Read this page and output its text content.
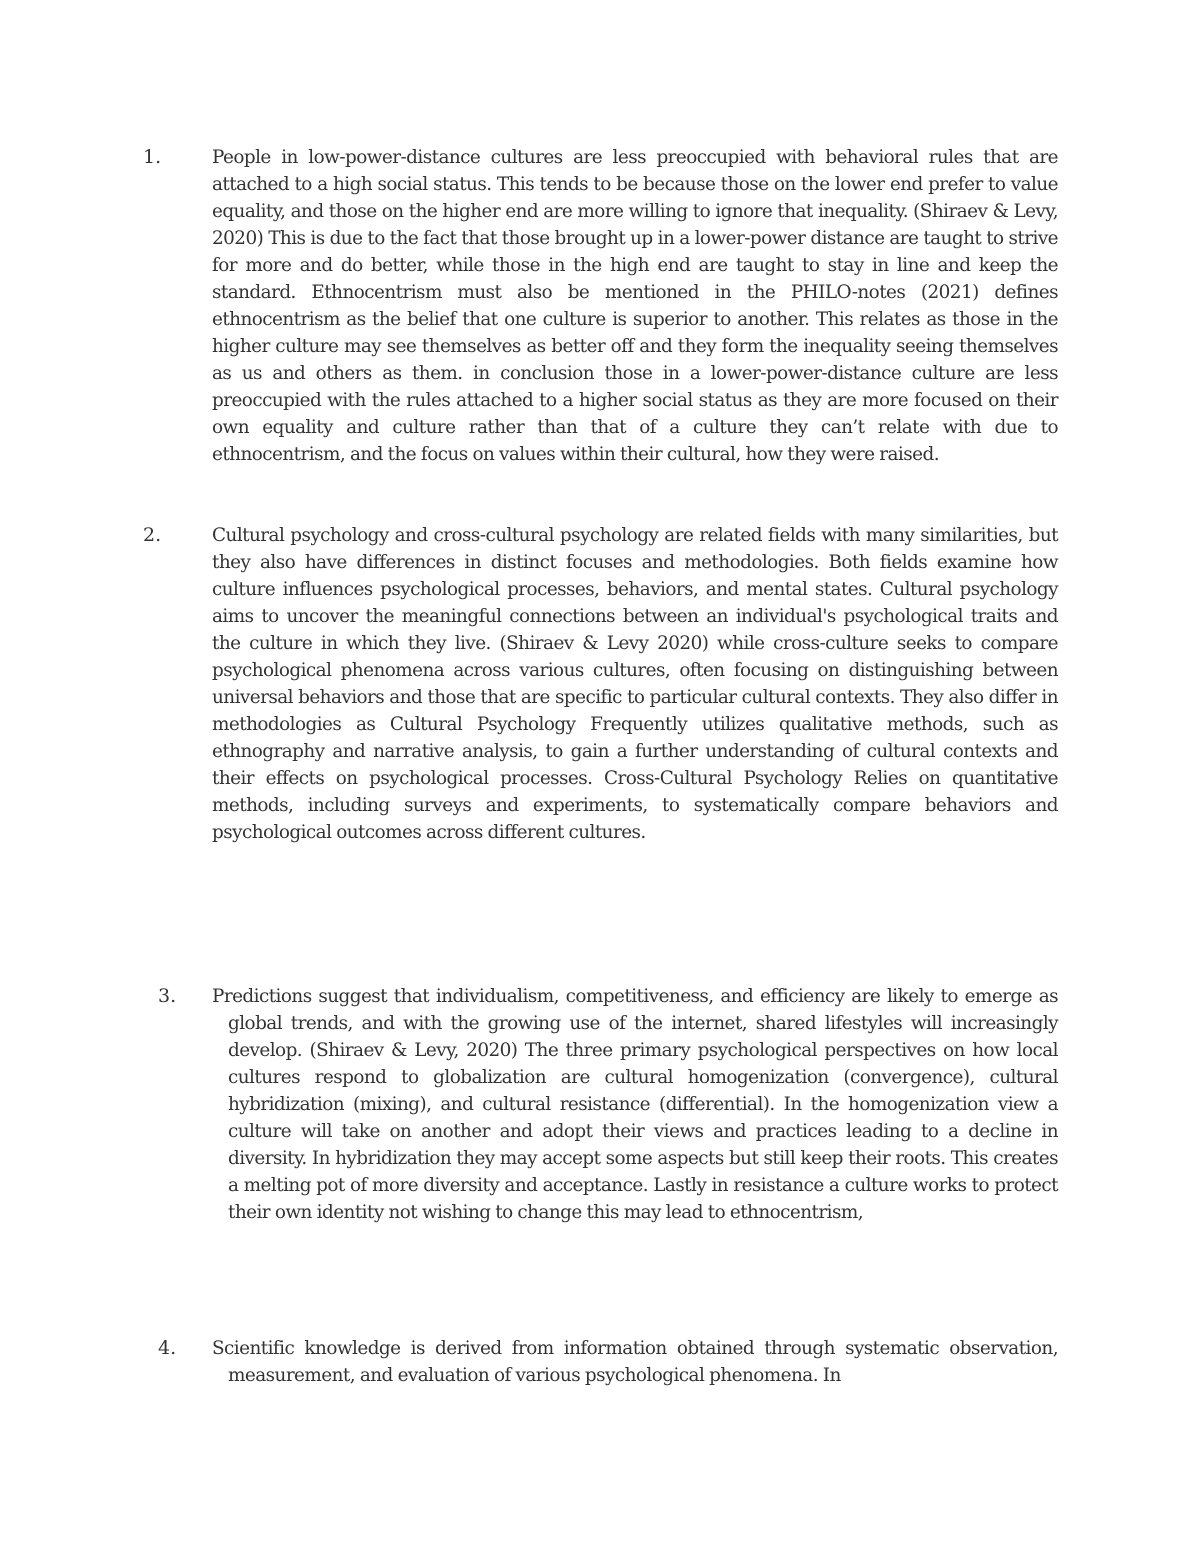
1.	People in low-power-distance cultures are less preoccupied with behavioral rules that are attached to a high social status. This tends to be because those on the lower end prefer to value equality, and those on the higher end are more willing to ignore that inequality. (Shiraev & Levy, 2020) This is due to the fact that those brought up in a lower-power distance are taught to strive for more and do better, while those in the high end are taught to stay in line and keep the standard. Ethnocentrism must also be mentioned in the PHILO-notes (2021) defines ethnocentrism as the belief that one culture is superior to another. This relates as those in the higher culture may see themselves as better off and they form the inequality seeing themselves as us and others as them. in conclusion those in a lower-power-distance culture are less preoccupied with the rules attached to a higher social status as they are more focused on their own equality and culture rather than that of a culture they can’t relate with due to ethnocentrism, and the focus on values within their cultural, how they were raised.

2.	Cultural psychology and cross-cultural psychology are related fields with many similarities, but they also have differences in distinct focuses and methodologies. Both fields examine how culture influences psychological processes, behaviors, and mental states. Cultural psychology aims to uncover the meaningful connections between an individual's psychological traits and the culture in which they live. (Shiraev & Levy 2020) while cross-culture seeks to compare psychological phenomena across various cultures, often focusing on distinguishing between universal behaviors and those that are specific to particular cultural contexts. They also differ in methodologies as Cultural Psychology Frequently utilizes qualitative methods, such as ethnography and narrative analysis, to gain a further understanding of cultural contexts and their effects on psychological processes. Cross-Cultural Psychology Relies on quantitative methods, including surveys and experiments, to systematically compare behaviors and psychological outcomes across different cultures.

3. Predictions suggest that individualism, competitiveness, and efficiency are likely to emerge as global trends, and with the growing use of the internet, shared lifestyles will increasingly develop. (Shiraev & Levy, 2020) The three primary psychological perspectives on how local cultures respond to globalization are cultural homogenization (convergence), cultural hybridization (mixing), and cultural resistance (differential). In the homogenization view a culture will take on another and adopt their views and practices leading to a decline in diversity. In hybridization they may accept some aspects but still keep their roots. This creates a melting pot of more diversity and acceptance. Lastly in resistance a culture works to protect their own identity not wishing to change this may lead to ethnocentrism,

4. Scientific knowledge is derived from information obtained through systematic observation, measurement, and evaluation of various psychological phenomena. In
